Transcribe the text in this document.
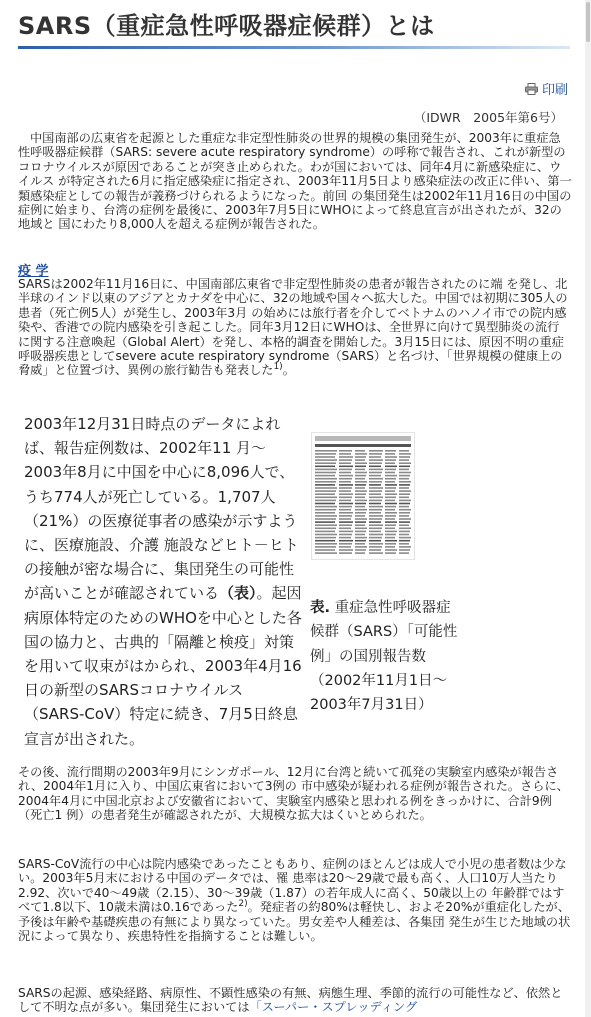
SARS（重症急性呼吸器症候群）とは
印刷
（IDWR　2005年第6号）

中国南部の広東省を起源とした重症な非定型性肺炎の世界的規模の集団発生が、2003年に重症急性呼吸器症候群（SARS: severe acute respiratory syndrome）の呼称で報告され、これが新型のコロナウイルスが原因であることが突き止められた。わが国においては、同年4月に新感染症に、ウイルス が特定された6月に指定感染症に指定され、2003年11月5日より感染症法の改正に伴い、第一類感染症としての報告が義務づけられるようになった。前回 の集団発生は2002年11月16日の中国の症例に始まり、台湾の症例を最後に、2003年7月5日にWHOによって終息宣言が出されたが、32の地域と 国にわたり8,000人を超える症例が報告された。

疫 学

SARSは2002年11月16日に、中国南部広東省で非定型性肺炎の患者が報告されたのに端 を発し、北半球のインド以東のアジアとカナダを中心に、32の地域や国々へ拡大した。中国では初期に305人の患者（死亡例5人）が発生し、2003年3月 の始めには旅行者を介してベトナムのハノイ市での院内感染や、香港での院内感染を引き起こした。同年3月12日にWHOは、全世界に向けて異型肺炎の流行 に関する注意喚起（Global Alert）を発し、本格的調査を開始した。3月15日には、原因不明の重症呼吸器疾患としてsevere acute respiratory syndrome（SARS）と名づけ、「世界規模の健康上の脅威」と位置づけ、異例の旅行勧告も発表した$^{1)}$。

2003年12月31日時点のデータによれば、報告症例数は、2002年11 月～2003年8月に中国を中心に8,096人で、うち774人が死亡している。1,707人（21%）の医療従事者の感染が示すように、医療施設、介護 施設などヒト－ヒトの接触が密な場合に、集団発生の可能性が高いことが確認されている（表）。起因病原体特定のためのWHOを中心とした各国の協力と、古典的「隔離と検疫」対策を用いて収束がはかられ、2003年4月16日の新型のSARSコロナウイルス（SARS-CoV）特定に続き、7月5日終息宣言が出された。

表. 重症急性呼吸器症候群（SARS）「可能性例」の国別報告数 （2002年11月1日～2003年7月31日）

その後、流行間期の2003年9月にシンガポール、12月に台湾と続いて孤発の実験室内感染が報告され、2004年1月に入り、中国広東省において3例の 市中感染が疑われる症例が報告された。さらに、2004年4月に中国北京および安徽省において、実験室内感染と思われる例をきっかけに、合計9例（死亡1 例）の患者発生が確認されたが、大規模な拡大はくいとめられた。

SARS-CoV流行の中心は院内感染であったこともあり、症例のほとんどは成人で小児の患者数は少ない。2003年5月末における中国のデータでは、罹 患率は20～29歳で最も高く、人口10万人当たり2.92、次いで40～49歳（2.15）、30～39歳（1.87）の若年成人に高く、50歳以上の 年齢群ではすべて1.8以下、10歳未満は0.16であった$^{2)}$。発症者の約80%は軽快し、およそ20%が重症化したが、予後は年齢や基礎疾患の有無により異なっていた。男女差や人種差は、各集団 発生が生じた地域の状況によって異なり、疾患特性を指摘することは難しい。

SARSの起源、感染経路、病原性、不顕性感染の有無、病態生理、季節的流行の可能性など、依然として不明な点が多い。集団発生においては「スーパー・スプレッディング
